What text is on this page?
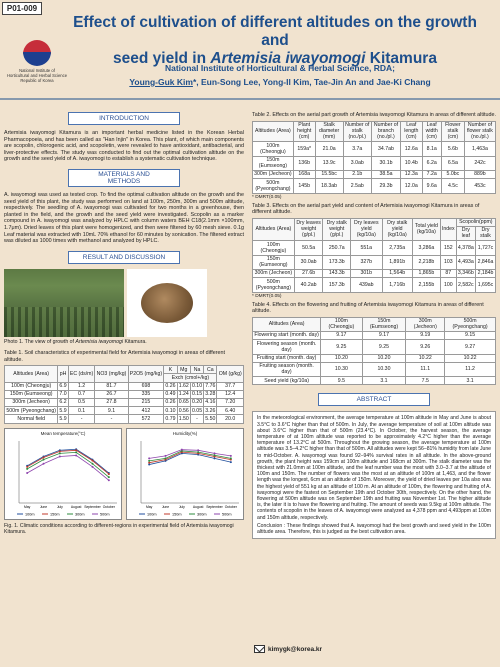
P01-009
National Institute of
Horticultural and Herbal Science
Republic of Korea
Effect of cultivation of different altitudes on the growth and
seed yield in Artemisia iwayomogi Kitamura
National Institute of Horticultural & Herbal Science, RDA;
Young-Guk Kim*, Eun-Song Lee, Yong-Il Kim, Tae-Jin An and Jae-Ki Chang
INTRODUCTION

Artemisia iwayomogi Kitamura is an important herbal medicine listed in the Korean Herbal Pharmacopoeia, and has been called as "Han Injin" in Korea. This plant, of which main components are scopolin, chlorogenic acid, and scopoletin, were revealed to have antioxidant, antibacterial, and liver-protective effects. The study was conducted to find out the optimal cultivation altitude on the growth and the seed yield of A. iwayomogi to establish a systematic cultivation technique.

MATERIALS AND
METHODS

A. iwayomogi was used as tested crop. To find the optimal cultivation altitude on the growth and the seed yield of this plant, the study was performed on land at 100m, 250m, 300m and 500m altitude, respectively. The seedling of A. iwayomogi was cultivated for two months in a greenhouse, then planted in the field, and the growth and the seed yield were investigated. Scopolin as a marker compound in A. iwayomogi was analyzed by HPLC with column waters BEH C18(2.1mm ×100mm, 1.7μm). Dried leaves of this plant were homogenized, and then were filtered by 60 mesh sieve. 0.1g Leaf material was extracted with 10mL 70% ethanol for 60 minutes by sonication. The filtered extract was diluted as 1000 times with methanol and analyzed by HPLC.

RESULT AND DISCUSSION
Photo 1. The view of growth of Artemisia iwayomogi Kitamura.
Table 1. Soil characteristics of experimental field for Artemisia iwayomogi in areas of different altitude.
Altitudes (Area)	pH	EC (ds/m)	NO3 (mg/kg)	P2O5 (mg/kg)	K	Mg	Na	Ca	OM (g/kg)
					Exch (cmol+/kg)				
100m (Cheongju)	6.9	1.2	81.7	698	0.26	1.62	0.10	7.76	37.7
150m (Eumseong)	7.0	0.7	26.7	335	0.49	1.24	0.15	3.28	12.4
300m (Jecheon)	6.2	0.5	27.8	215	0.26	0.65	0.20	4.16	7.20
500m (Pyeongchang)	5.9	0.1	9.1	412	0.10	0.56	0.05	3.26	6.40
Normal field	5.9	-	-	572	0.79	1.50	-	5.50	20.0
Mean temperature(°C)
May	June	July August September October
100m	150m	300m	500m
Humidity(%)
May	June	July August September October
100m	150m	300m	500m
Fig. 1. Climatic conditions according to different-regions in experimental field of Artemisia iwayomogi Kitamura.
Table 2. Effects on the aerial part growth of Artemisia iwayomogi Kitamura in areas of different altitude.
Altitudes (Area)	Plant height (cm)	Stalk diameter (mm)	Number of stalk (no./pl.)	Number of branch (no./pl.)	Leaf length (cm)	Leaf width (cm)	Flower stalk (cm)	Number of flower stalk (no./pl.)
100m (Cheongju)	159a*	21.0a	3.7a	34.7ab	12.6a	8.1a	5.6b	1,463a
150m (Eumseong)	136b	13.9c	3.0ab	30.1b	10.4b	6.2a	6.5a	242c
300m (Jecheon)	168a	15.5bc	2.1b	38.5a	12.3a	7.2a	5.0bc	889b
500m (Pyeongchang)	145b	18.3ab	2.5ab	29.3b	12.0a	9.6a	4.5c	453c
* DMRT(0.05)
Table 3. Effects on the aerial part yield and content of Artemisia iwayomogi Kitamura in areas of different altitude.
Altitudes (Area)	Dry leaves weight (g/pl.)	Dry stalk weight (g/pl.)	Dry leaves yield (kg/10a)	Dry stalk yield (kg/10a)	Total yield (kg/10a)	Index	Scopolin(ppm)	
							Dry leaf	Dry stalk
100m (Cheongju)	50.5a	250.7a	551a	2,735a	3,286a	152	4,378a	1,727c
150m (Eumseong)	30.0ab	173.3b	327b	1,891b	2,218b	103	4,493a	2,846a
300m (Jecheon)	27.6b	143.3b	301b	1,564b	1,865b	87	3,346b	2,184b
500m (Pyeongchang)	40.2ab	157.3b	439ab	1,716b	2,155b	100	2,582c	1,695c
* DMRT(0.05)
Table 4. Effects on the flowering and fruiting of Artemisia iwayomogi Kitamura in areas of different altitude.
Altitudes (Area)	100m (Cheongju)	150m (Eumseong)	300m (Jecheon)	500m (Pyeongchang)
Flowering start (month. day)	9.17	9.17	9.19	9.15
Flowering season (month. day)	9.25	9.25	9.26	9.27
Fruiting start (month. day)	10.20	10.20	10.22	10.22
Fruiting season (month. day)	10.30	10.30	11.1	11.2
Seed yield (kg/10a)	9.5	3.1	7.5	3.1
ABSTRACT

In the meteorological environment, the average temperature at 100m altitude in May and June is about 3.5°C to 3.6°C higher than that of 500m. In July, the average temperature of soil at 100m altitude was about 3.6°C higher than that of 500m (23.4°C). In October, the harvest season, the average temperature of at 100m altitude was reported to be approximately 4.2°C higher than the average temperature of 13.2°C at 500m. Throughout the growing season, the average temperature at 100m altitude was 3.5–4.2°C higher than that of 500m. All altitudes were kept 56–81% humidity from late June to mid-October. A. iwayomogi was found 92–94% survival rates in all altitude. In the above-ground growth, the plant height was 159cm at 100m altitude and 168cm at 300m. The stalk diameter was the thickest with 21.0mm at 100m altitude, and the leaf number was the most with 3.0–3.7 at the altitude of 100m and 150m. The number of flowers was the most at an altitude of 100m at 1,463, and the flower length was the longest, 6cm at an altitude of 150m. Moreover, the yield of dried leaves per 10a also was the highest yield of 551 kg at an altitude of 100 m. At an altitude of 100m, the flowering and fruiting of A. iwayomogi were the fastest on September 19th and October 30th, respectively. On the other hand, the flowering at 500m altitude was on September 19th and fruiting was November 1st. The higher altitude is, the later it is to have the flowering and fruiting. The amount of seeds was 9.5kg at 100m altitude. The contents of scopolin in the leaves of A. iwayomogi were analyzed as 4,378 ppm and 4,493ppm at 100m and 150m altitude, respectively.

Conclusion : These findings showed that A. iwayomogi had the best growth and seed yield in the 100m altitude area. Therefore, this is judged as the best cultivation area.

kimygk@korea.kr
